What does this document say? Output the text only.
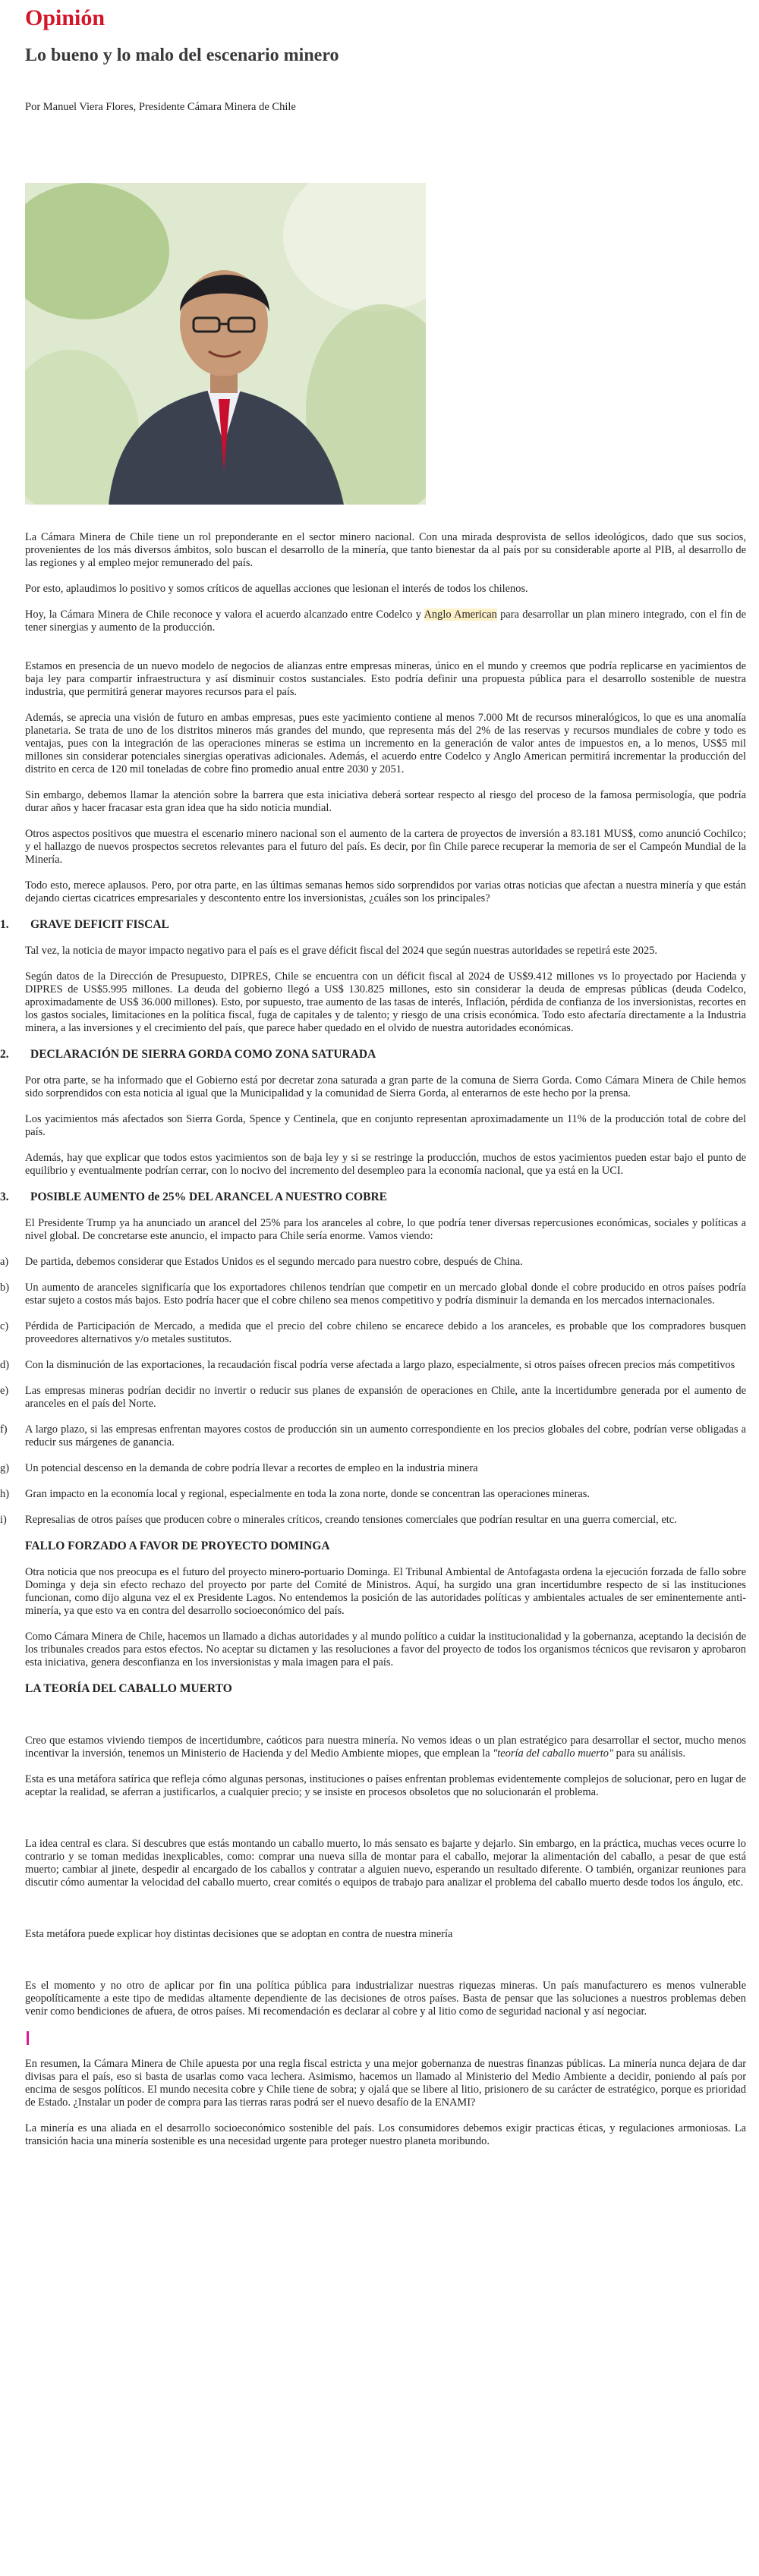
Opinión
Lo bueno y lo malo del escenario minero

Por Manuel Viera Flores, Presidente Cámara Minera de Chile

La Cámara Minera de Chile tiene un rol preponderante en el sector minero nacional. Con una mirada desprovista de sellos ideológicos, dado que sus socios, provenientes de los más diversos ámbitos, solo buscan el desarrollo de la minería, que tanto bienestar da al país por su considerable aporte al PIB, al desarrollo de las regiones y al empleo mejor remunerado del país.

Por esto, aplaudimos lo positivo y somos críticos de aquellas acciones que lesionan el interés de todos los chilenos.

Hoy, la Cámara Minera de Chile reconoce y valora el acuerdo alcanzado entre Codelco y Anglo American para desarrollar un plan minero integrado, con el fin de tener sinergias y aumento de la producción.

Estamos en presencia de un nuevo modelo de negocios de alianzas entre empresas mineras, único en el mundo y creemos que podría replicarse en yacimientos de baja ley para compartir infraestructura y así disminuir costos sustanciales. Esto podría definir una propuesta pública para el desarrollo sostenible de nuestra industria, que permitirá generar mayores recursos para el país.

Además, se aprecia una visión de futuro en ambas empresas, pues este yacimiento contiene al menos 7.000 Mt de recursos mineralógicos, lo que es una anomalía planetaria. Se trata de uno de los distritos mineros más grandes del mundo, que representa más del 2% de las reservas y recursos mundiales de cobre y todo es ventajas, pues con la integración de las operaciones mineras se estima un incremento en la generación de valor antes de impuestos en, a lo menos, US$5 mil millones sin considerar potenciales sinergias operativas adicionales. Además, el acuerdo entre Codelco y Anglo American permitirá incrementar la producción del distrito en cerca de 120 mil toneladas de cobre fino promedio anual entre 2030 y 2051.

Sin embargo, debemos llamar la atención sobre la barrera que esta iniciativa deberá sortear respecto al riesgo del proceso de la famosa permisología, que podría durar años y hacer fracasar esta gran idea que ha sido noticia mundial.

Otros aspectos positivos que muestra el escenario minero nacional son el aumento de la cartera de proyectos de inversión a 83.181 MUS$, como anunció Cochilco; y el hallazgo de nuevos prospectos secretos relevantes para el futuro del país. Es decir, por fin Chile parece recuperar la memoria de ser el Campeón Mundial de la Minería.

Todo esto, merece aplausos. Pero, por otra parte, en las últimas semanas hemos sido sorprendidos por varias otras noticias que afectan a nuestra minería y que están dejando ciertas cicatrices empresariales y descontento entre los inversionistas, ¿cuáles son los principales?

1.	GRAVE DEFICIT FISCAL

Tal vez, la noticia de mayor impacto negativo para el país es el grave déficit fiscal del 2024 que según nuestras autoridades se repetirá este 2025.

Según datos de la Dirección de Presupuesto, DIPRES, Chile se encuentra con un déficit fiscal al 2024 de US$9.412 millones vs lo proyectado por Hacienda y DIPRES de US$5.995 millones. La deuda del gobierno llegó a US$ 130.825 millones, esto sin considerar la deuda de empresas públicas (deuda Codelco, aproximadamente de US$ 36.000 millones). Esto, por supuesto, trae aumento de las tasas de interés, Inflación, pérdida de confianza de los inversionistas, recortes en los gastos sociales, limitaciones en la política fiscal, fuga de capitales y de talento; y riesgo de una crisis económica. Todo esto afectaría directamente a la Industria minera, a las inversiones y el crecimiento del país, que parece haber quedado en el olvido de nuestra autoridades económicas.

2.	DECLARACIÓN DE SIERRA GORDA COMO ZONA SATURADA

Por otra parte, se ha informado que el Gobierno está por decretar zona saturada a gran parte de la comuna de Sierra Gorda. Como Cámara Minera de Chile hemos sido sorprendidos con esta noticia al igual que la Municipalidad y la comunidad de Sierra Gorda, al enterarnos de este hecho por la prensa.

Los yacimientos más afectados son Sierra Gorda, Spence y Centinela, que en conjunto representan aproximadamente un 11% de la producción total de cobre del país.

Además, hay que explicar que todos estos yacimientos son de baja ley y si se restringe la producción, muchos de estos yacimientos pueden estar bajo el punto de equilibrio y eventualmente podrían cerrar, con lo nocivo del incremento del desempleo para la economía nacional, que ya está en la UCI.

3.	POSIBLE AUMENTO de 25% DEL ARANCEL A NUESTRO COBRE

El Presidente Trump ya ha anunciado un arancel del 25% para los aranceles al cobre, lo que podría tener diversas repercusiones económicas, sociales y políticas a nivel global. De concretarse este anuncio, el impacto para Chile sería enorme. Vamos viendo:

a)	De partida, debemos considerar que Estados Unidos es el segundo mercado para nuestro cobre, después de China.
b)	Un aumento de aranceles significaría que los exportadores chilenos tendrían que competir en un mercado global donde el cobre producido en otros países podría estar sujeto a costos más bajos. Esto podría hacer que el cobre chileno sea menos competitivo y podría disminuir la demanda en los mercados internacionales.
c)	Pérdida de Participación de Mercado, a medida que el precio del cobre chileno se encarece debido a los aranceles, es probable que los compradores busquen proveedores alternativos y/o metales sustitutos.
d)	Con la disminución de las exportaciones, la recaudación fiscal podría verse afectada a largo plazo, especialmente, si otros países ofrecen precios más competitivos
e)	Las empresas mineras podrían decidir no invertir o reducir sus planes de expansión de operaciones en Chile, ante la incertidumbre generada por el aumento de aranceles en el país del Norte.
f)	A largo plazo, si las empresas enfrentan mayores costos de producción sin un aumento correspondiente en los precios globales del cobre, podrían verse obligadas a reducir sus márgenes de ganancia.
g)	Un potencial descenso en la demanda de cobre podría llevar a recortes de empleo en la industria minera
h)	Gran impacto en la economía local y regional, especialmente en toda la zona norte, donde se concentran las operaciones mineras.
i)	Represalias de otros países que producen cobre o minerales críticos, creando tensiones comerciales que podrían resultar en una guerra comercial, etc.
FALLO FORZADO A FAVOR DE PROYECTO DOMINGA

Otra noticia que nos preocupa es el futuro del proyecto minero-portuario Dominga. El Tribunal Ambiental de Antofagasta ordena la ejecución forzada de fallo sobre Dominga y deja sin efecto rechazo del proyecto por parte del Comité de Ministros. Aquí, ha surgido una gran incertidumbre respecto de si las instituciones funcionan, como dijo alguna vez el ex Presidente Lagos. No entendemos la posición de las autoridades políticas y ambientales actuales de ser eminentemente anti-minería, ya que esto va en contra del desarrollo socioeconómico del país.

Como Cámara Minera de Chile, hacemos un llamado a dichas autoridades y al mundo político a cuidar la institucionalidad y la gobernanza, aceptando la decisión de los tribunales creados para estos efectos. No aceptar su dictamen y las resoluciones a favor del proyecto de todos los organismos técnicos que revisaron y aprobaron esta iniciativa, genera desconfianza en los inversionistas y mala imagen para el país.

LA TEORÍA DEL CABALLO MUERTO

Creo que estamos viviendo tiempos de incertidumbre, caóticos para nuestra minería. No vemos ideas o un plan estratégico para desarrollar el sector, mucho menos incentivar la inversión, tenemos un Ministerio de Hacienda y del Medio Ambiente miopes, que emplean la "teoría del caballo muerto" para su análisis.

Esta es una metáfora satírica que refleja cómo algunas personas, instituciones o países enfrentan problemas evidentemente complejos de solucionar, pero en lugar de aceptar la realidad, se aferran a justificarlos, a cualquier precio; y se insiste en procesos obsoletos que no solucionarán el problema.

La idea central es clara. Si descubres que estás montando un caballo muerto, lo más sensato es bajarte y dejarlo. Sin embargo, en la práctica, muchas veces ocurre lo contrario y se toman medidas inexplicables, como: comprar una nueva silla de montar para el caballo, mejorar la alimentación del caballo, a pesar de que está muerto; cambiar al jinete, despedir al encargado de los caballos y contratar a alguien nuevo, esperando un resultado diferente. O también, organizar reuniones para discutir cómo aumentar la velocidad del caballo muerto, crear comités o equipos de trabajo para analizar el problema del caballo muerto desde todos los ángulo, etc.

Esta metáfora puede explicar hoy distintas decisiones que se adoptan en contra de nuestra minería

Es el momento y no otro de aplicar por fin una política pública para industrializar nuestras riquezas mineras. Un país manufacturero es menos vulnerable geopolíticamente a este tipo de medidas altamente dependiente de las decisiones de otros países. Basta de pensar que las soluciones a nuestros problemas deben venir como bendiciones de afuera, de otros países. Mi recomendación es declarar al cobre y al litio como de seguridad nacional y así negociar.

En resumen, la Cámara Minera de Chile apuesta por una regla fiscal estricta y una mejor gobernanza de nuestras finanzas públicas. La minería nunca dejara de dar divisas para el país, eso si basta de usarlas como vaca lechera. Asimismo, hacemos un llamado al Ministerio del Medio Ambiente a decidir, poniendo al país por encima de sesgos políticos. El mundo necesita cobre y Chile tiene de sobra; y ojalá que se libere al litio, prisionero de su carácter de estratégico, porque es prioridad de Estado. ¿Instalar un poder de compra para las tierras raras podrá ser el nuevo desafío de la ENAMI?

La minería es una aliada en el desarrollo socioeconómico sostenible del país. Los consumidores debemos exigir practicas éticas, y regulaciones armoniosas. La transición hacia una minería sostenible es una necesidad urgente para proteger nuestro planeta moribundo.
